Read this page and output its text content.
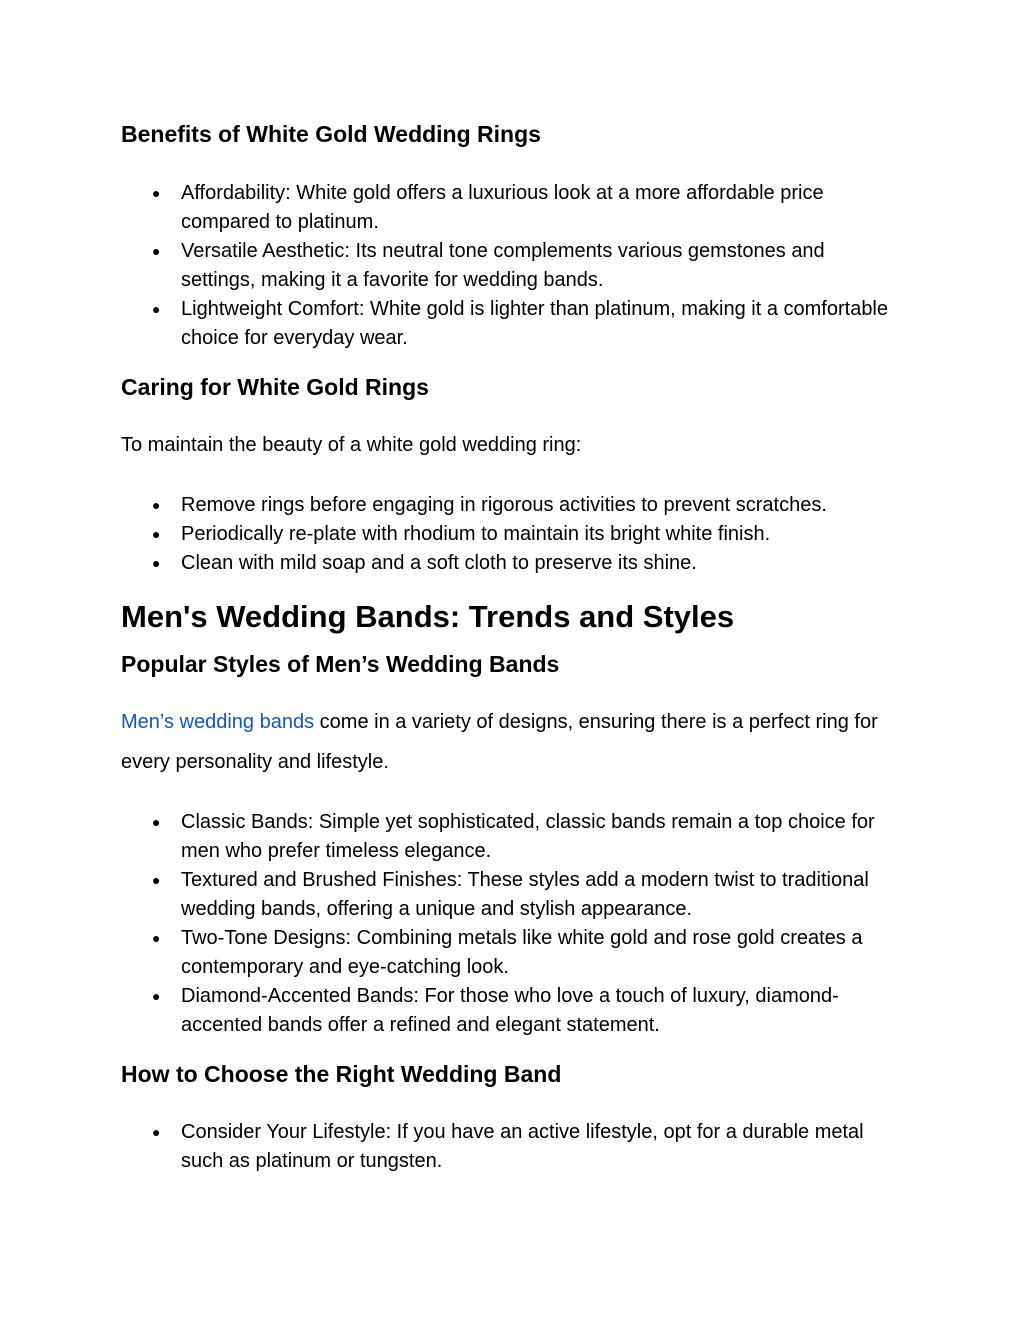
Benefits of White Gold Wedding Rings
● Affordability: White gold offers a luxurious look at a more affordable price compared to platinum.
● Versatile Aesthetic: Its neutral tone complements various gemstones and settings, making it a favorite for wedding bands.
● Lightweight Comfort: White gold is lighter than platinum, making it a comfortable choice for everyday wear.
Caring for White Gold Rings

To maintain the beauty of a white gold wedding ring:

● Remove rings before engaging in rigorous activities to prevent scratches.
● Periodically re-plate with rhodium to maintain its bright white finish.
● Clean with mild soap and a soft cloth to preserve its shine.
Men's Wedding Bands: Trends and Styles
Popular Styles of Men’s Wedding Bands

Men’s wedding bands come in a variety of designs, ensuring there is a perfect ring for every personality and lifestyle.

● Classic Bands: Simple yet sophisticated, classic bands remain a top choice for men who prefer timeless elegance.
● Textured and Brushed Finishes: These styles add a modern twist to traditional wedding bands, offering a unique and stylish appearance.
● Two-Tone Designs: Combining metals like white gold and rose gold creates a contemporary and eye-catching look.
● Diamond-Accented Bands: For those who love a touch of luxury, diamond-accented bands offer a refined and elegant statement.
How to Choose the Right Wedding Band
● Consider Your Lifestyle: If you have an active lifestyle, opt for a durable metal such as platinum or tungsten.
